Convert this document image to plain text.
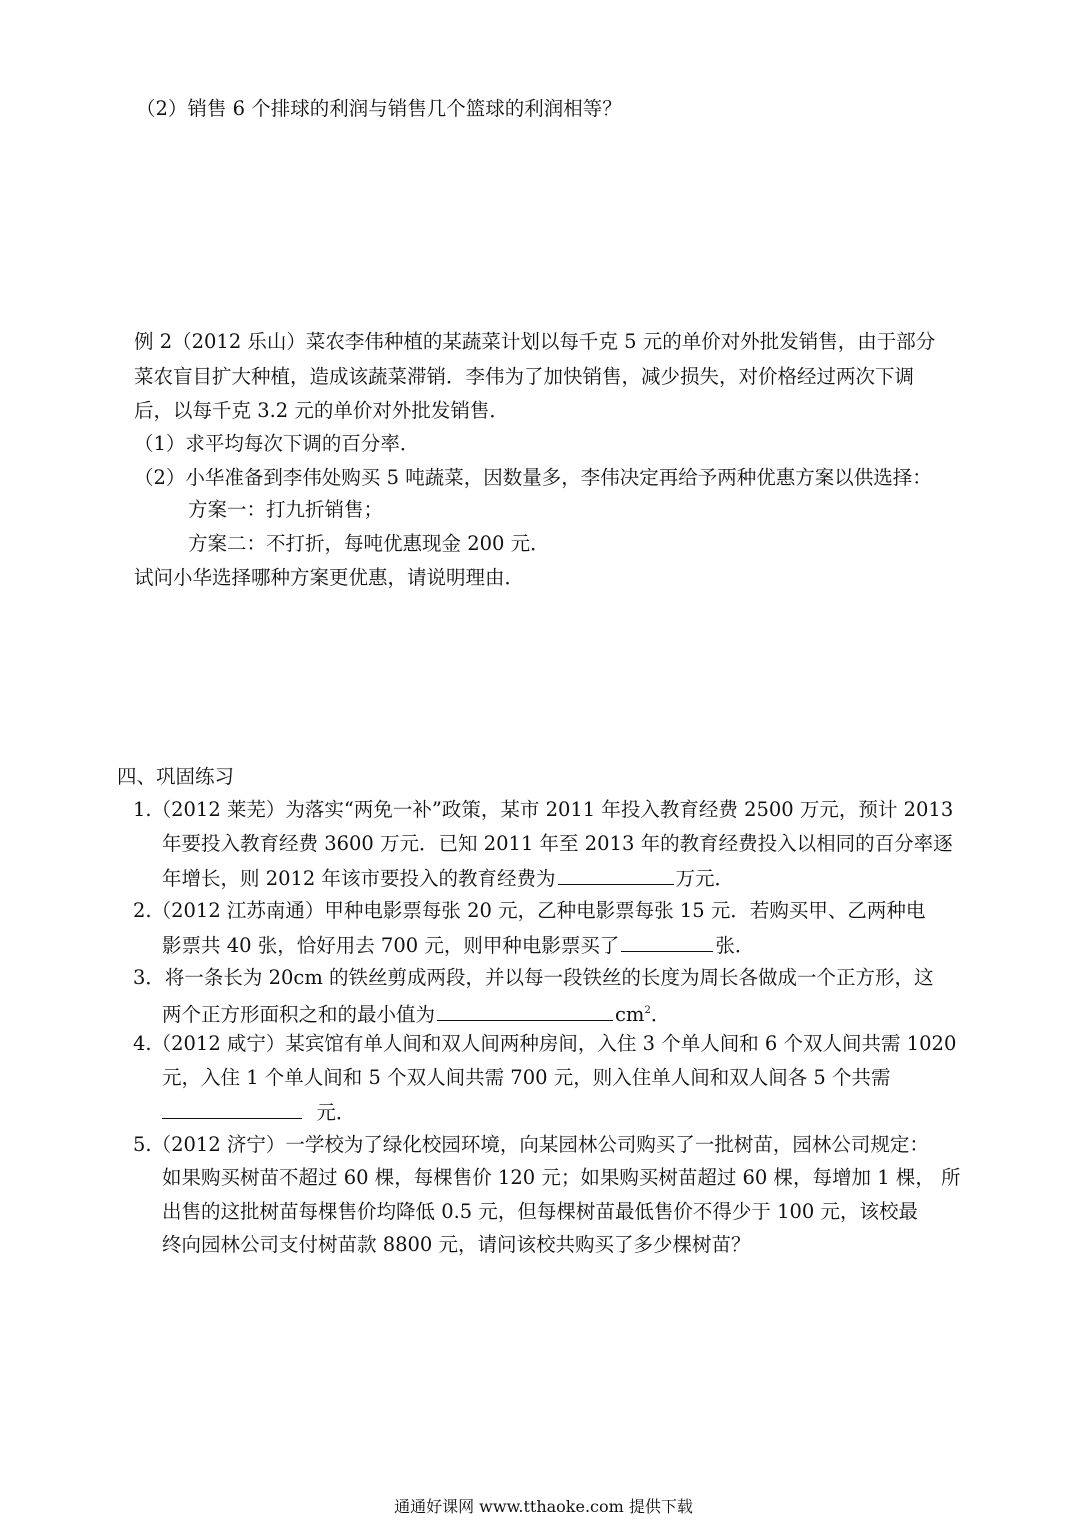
（2）销售 6 个排球的利润与销售几个篮球的利润相等？
例 2（2012 乐山）菜农李伟种植的某蔬菜计划以每千克 5 元的单价对外批发销售，由于部分
菜农盲目扩大种植，造成该蔬菜滞销．李伟为了加快销售，减少损失，对价格经过两次下调
后，以每千克 3.2 元的单价对外批发销售．
（1）求平均每次下调的百分率．
（2）小华准备到李伟处购买 5 吨蔬菜，因数量多，李伟决定再给予两种优惠方案以供选择：
方案一：打九折销售；
方案二：不打折，每吨优惠现金 200 元．
试问小华选择哪种方案更优惠，请说明理由．
四、巩固练习
1.（2012 莱芜）为落实“两免一补”政策，某市 2011 年投入教育经费 2500 万元，预计 2013
年要投入教育经费 3600 万元．已知 2011 年至 2013 年的教育经费投入以相同的百分率逐
年增长，则 2012 年该市要投入的教育经费为	万元．
2.（2012 江苏南通）甲种电影票每张 20 元，乙种电影票每张 15 元．若购买甲、乙两种电
影票共 40 张，恰好用去 700 元，则甲种电影票买了	张．
3．将一条长为 20cm 的铁丝剪成两段，并以每一段铁丝的长度为周长各做成一个正方形，这
两个正方形面积之和的最小值为	$cm^2$．
4.（2012 咸宁）某宾馆有单人间和双人间两种房间，入住 3 个单人间和 6 个双人间共需 1020
元，入住 1 个单人间和 5 个双人间共需 700 元，则入住单人间和双人间各 5 个共需
元．
5.（2012 济宁）一学校为了绿化校园环境，向某园林公司购买了一批树苗，园林公司规定：
如果购买树苗不超过 60 棵，每棵售价 120 元；如果购买树苗超过 60 棵，每增加 1 棵， 所
出售的这批树苗每棵售价均降低 0.5 元，但每棵树苗最低售价不得少于 100 元，该校最
终向园林公司支付树苗款 8800 元，请问该校共购买了多少棵树苗？
通通好课网 www.tthaoke.com 提供下载
